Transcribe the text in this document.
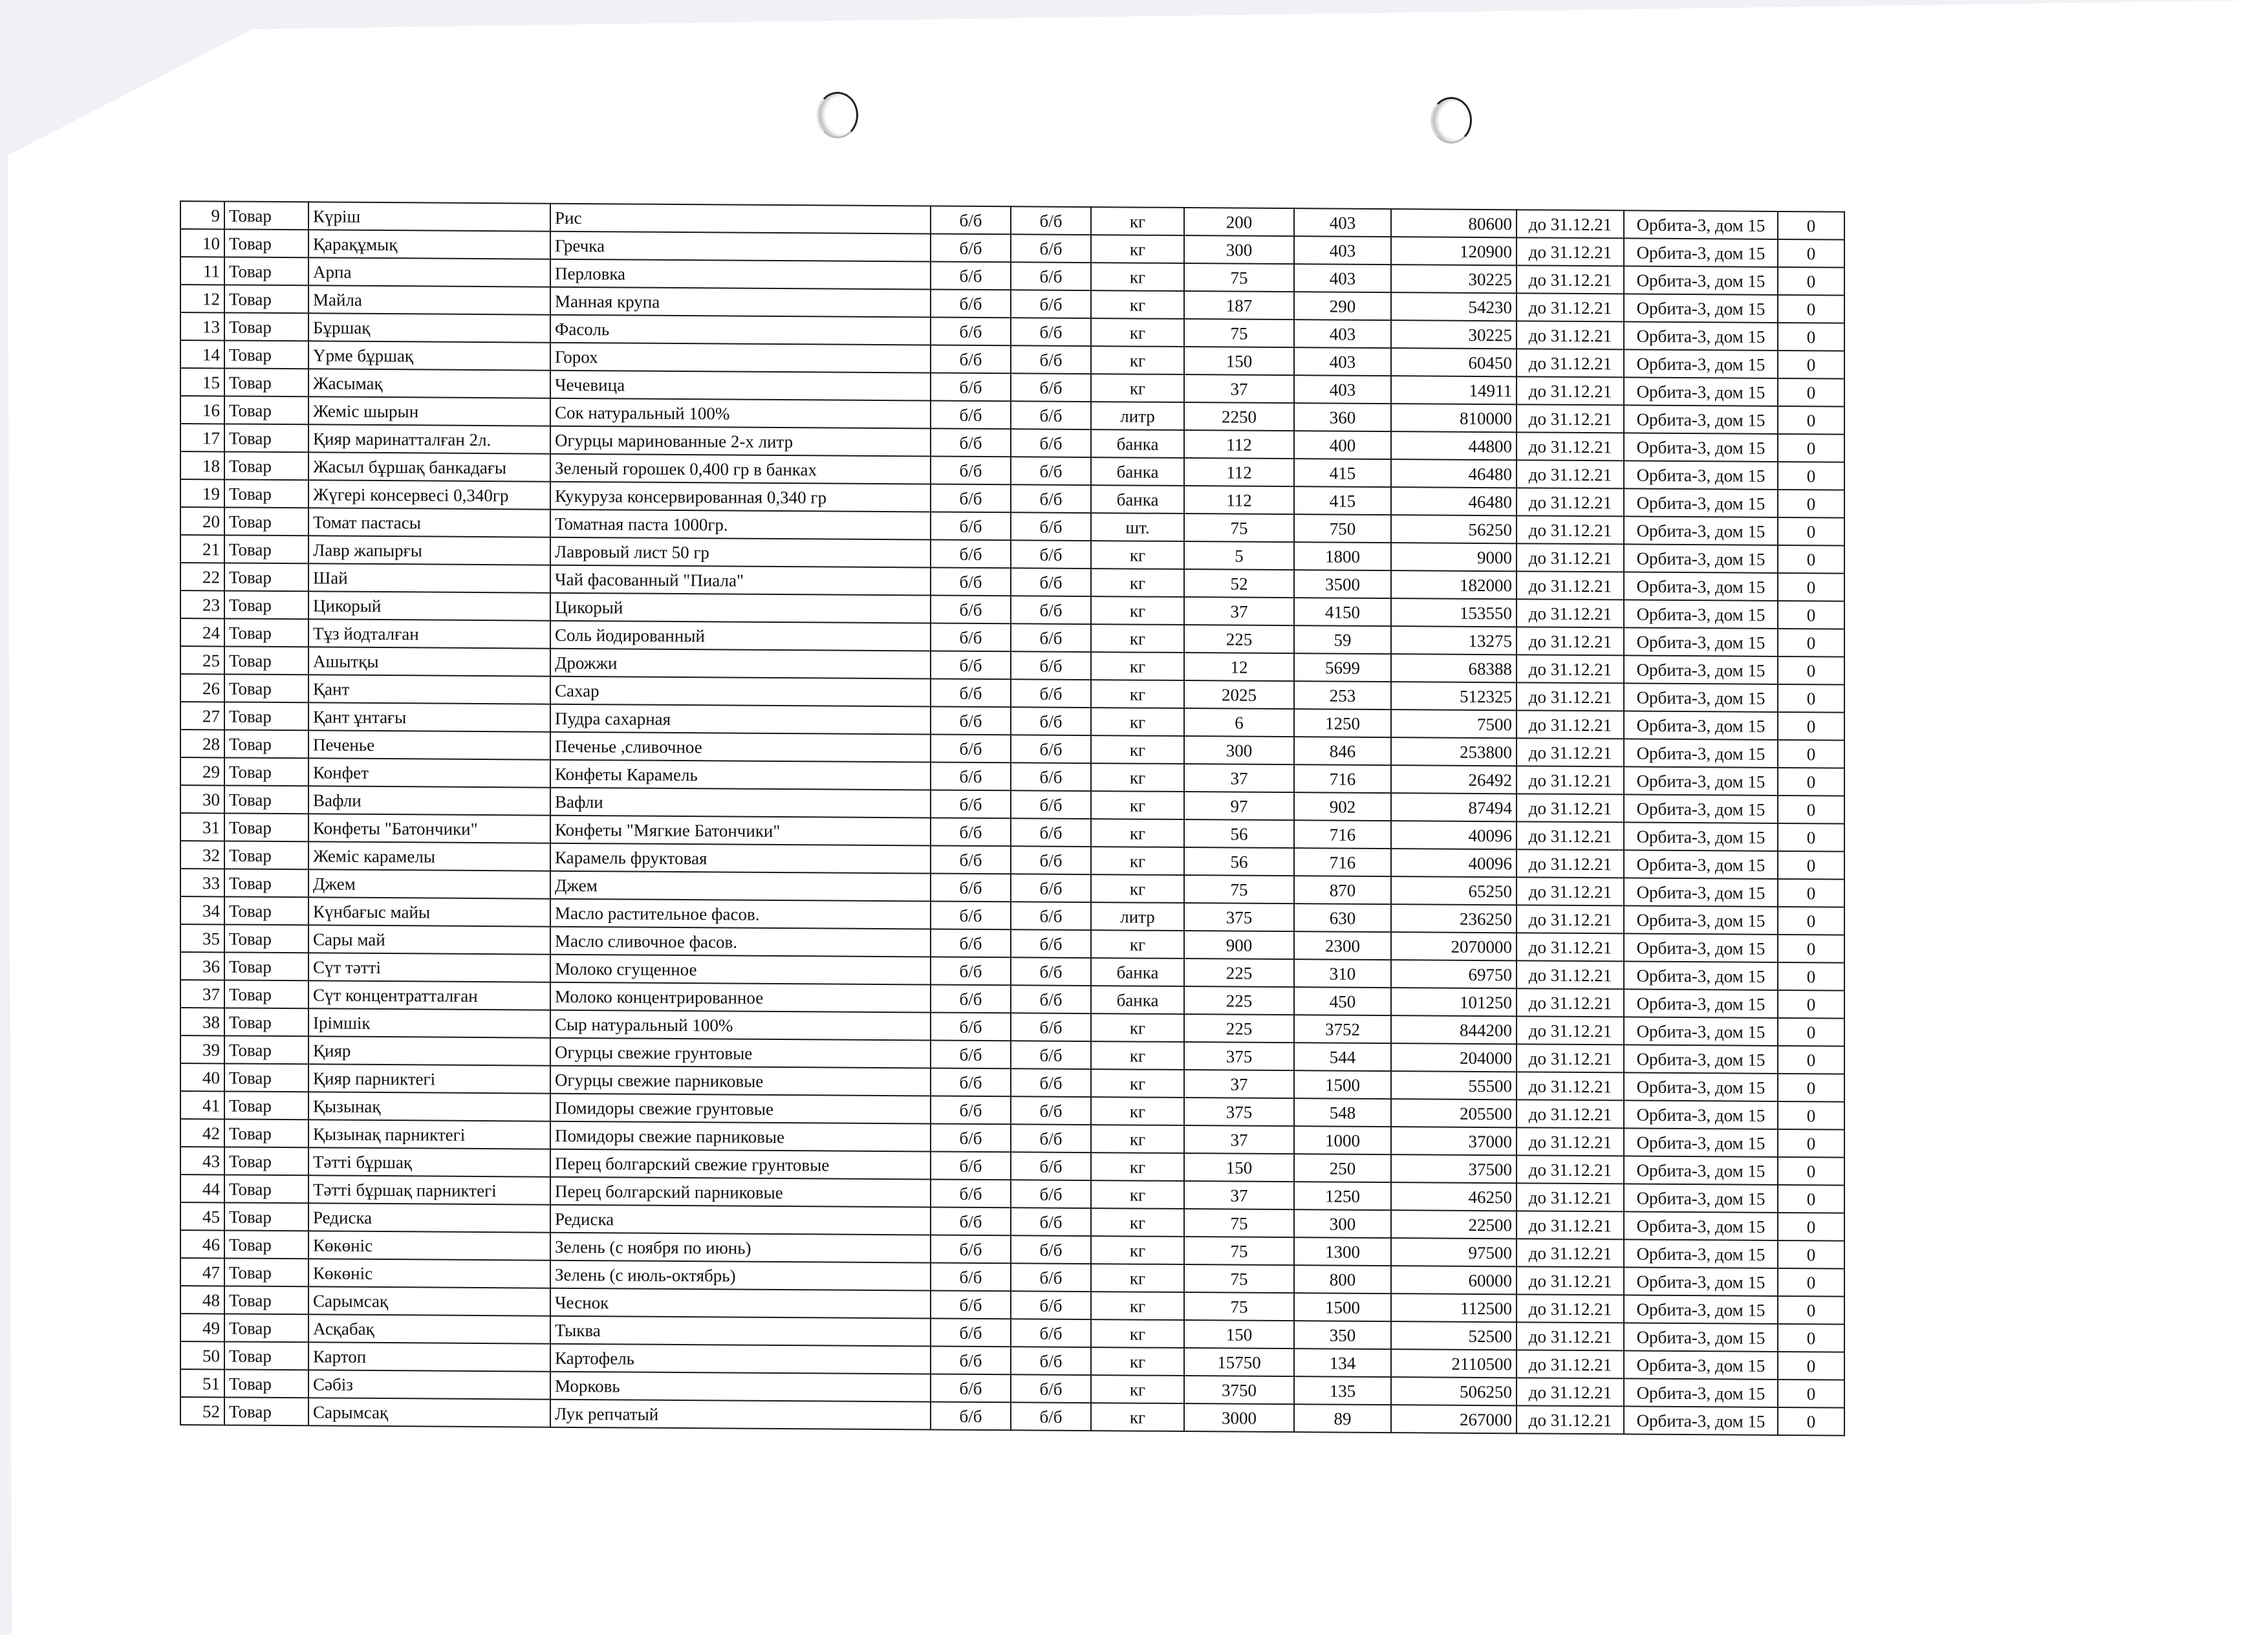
9	Товар	Күріш	Рис	б/б	б/б	кг	200	403	80600	до 31.12.21	Орбита-3, дом 15	0
10	Товар	Қарақұмық	Гречка	б/б	б/б	кг	300	403	120900	до 31.12.21	Орбита-3, дом 15	0
11	Товар	Арпа	Перловка	б/б	б/б	кг	75	403	30225	до 31.12.21	Орбита-3, дом 15	0
12	Товар	Майла	Манная крупа	б/б	б/б	кг	187	290	54230	до 31.12.21	Орбита-3, дом 15	0
13	Товар	Бұршақ	Фасоль	б/б	б/б	кг	75	403	30225	до 31.12.21	Орбита-3, дом 15	0
14	Товар	Үрме бұршақ	Горох	б/б	б/б	кг	150	403	60450	до 31.12.21	Орбита-3, дом 15	0
15	Товар	Жасымақ	Чечевица	б/б	б/б	кг	37	403	14911	до 31.12.21	Орбита-3, дом 15	0
16	Товар	Жеміс шырын	Сок натуральный 100%	б/б	б/б	литр	2250	360	810000	до 31.12.21	Орбита-3, дом 15	0
17	Товар	Қияр маринатталған 2л.	Огурцы маринованные 2-х литр	б/б	б/б	банка	112	400	44800	до 31.12.21	Орбита-3, дом 15	0
18	Товар	Жасыл бұршақ банкадағы	Зеленый горошек 0,400 гр в банках	б/б	б/б	банка	112	415	46480	до 31.12.21	Орбита-3, дом 15	0
19	Товар	Жүгері консервесі 0,340гр	Кукуруза консервированная 0,340 гр	б/б	б/б	банка	112	415	46480	до 31.12.21	Орбита-3, дом 15	0
20	Товар	Томат пастасы	Томатная паста 1000гр.	б/б	б/б	шт.	75	750	56250	до 31.12.21	Орбита-3, дом 15	0
21	Товар	Лавр жапырғы	Лавровый лист 50 гр	б/б	б/б	кг	5	1800	9000	до 31.12.21	Орбита-3, дом 15	0
22	Товар	Шай	Чай фасованный "Пиала"	б/б	б/б	кг	52	3500	182000	до 31.12.21	Орбита-3, дом 15	0
23	Товар	Цикорый	Цикорый	б/б	б/б	кг	37	4150	153550	до 31.12.21	Орбита-3, дом 15	0
24	Товар	Тұз йодталған	Соль йодированный	б/б	б/б	кг	225	59	13275	до 31.12.21	Орбита-3, дом 15	0
25	Товар	Ашытқы	Дрожжи	б/б	б/б	кг	12	5699	68388	до 31.12.21	Орбита-3, дом 15	0
26	Товар	Қант	Сахар	б/б	б/б	кг	2025	253	512325	до 31.12.21	Орбита-3, дом 15	0
27	Товар	Қант ұнтағы	Пудра сахарная	б/б	б/б	кг	6	1250	7500	до 31.12.21	Орбита-3, дом 15	0
28	Товар	Печенье	Печенье ,сливочное	б/б	б/б	кг	300	846	253800	до 31.12.21	Орбита-3, дом 15	0
29	Товар	Конфет	Конфеты Карамель	б/б	б/б	кг	37	716	26492	до 31.12.21	Орбита-3, дом 15	0
30	Товар	Вафли	Вафли	б/б	б/б	кг	97	902	87494	до 31.12.21	Орбита-3, дом 15	0
31	Товар	Конфеты "Батончики"	Конфеты "Мягкие Батончики"	б/б	б/б	кг	56	716	40096	до 31.12.21	Орбита-3, дом 15	0
32	Товар	Жеміс карамелы	Карамель фруктовая	б/б	б/б	кг	56	716	40096	до 31.12.21	Орбита-3, дом 15	0
33	Товар	Джем	Джем	б/б	б/б	кг	75	870	65250	до 31.12.21	Орбита-3, дом 15	0
34	Товар	Күнбағыс майы	Масло растительное фасов.	б/б	б/б	литр	375	630	236250	до 31.12.21	Орбита-3, дом 15	0
35	Товар	Сары май	Масло сливочное фасов.	б/б	б/б	кг	900	2300	2070000	до 31.12.21	Орбита-3, дом 15	0
36	Товар	Сүт тәтті	Молоко сгущенное	б/б	б/б	банка	225	310	69750	до 31.12.21	Орбита-3, дом 15	0
37	Товар	Сүт концентратталған	Молоко концентрированное	б/б	б/б	банка	225	450	101250	до 31.12.21	Орбита-3, дом 15	0
38	Товар	Ірімшік	Сыр натуральный 100%	б/б	б/б	кг	225	3752	844200	до 31.12.21	Орбита-3, дом 15	0
39	Товар	Қияр	Огурцы свежие грунтовые	б/б	б/б	кг	375	544	204000	до 31.12.21	Орбита-3, дом 15	0
40	Товар	Қияр парниктегі	Огурцы свежие парниковые	б/б	б/б	кг	37	1500	55500	до 31.12.21	Орбита-3, дом 15	0
41	Товар	Қызынақ	Помидоры свежие грунтовые	б/б	б/б	кг	375	548	205500	до 31.12.21	Орбита-3, дом 15	0
42	Товар	Қызынақ парниктегі	Помидоры свежие парниковые	б/б	б/б	кг	37	1000	37000	до 31.12.21	Орбита-3, дом 15	0
43	Товар	Тәтті бұршақ	Перец болгарский свежие грунтовые	б/б	б/б	кг	150	250	37500	до 31.12.21	Орбита-3, дом 15	0
44	Товар	Тәтті бұршақ парниктегі	Перец болгарский парниковые	б/б	б/б	кг	37	1250	46250	до 31.12.21	Орбита-3, дом 15	0
45	Товар	Редиска	Редиска	б/б	б/б	кг	75	300	22500	до 31.12.21	Орбита-3, дом 15	0
46	Товар	Көкөніс	Зелень (с ноября по июнь)	б/б	б/б	кг	75	1300	97500	до 31.12.21	Орбита-3, дом 15	0
47	Товар	Көкөніс	Зелень (с июль-октябрь)	б/б	б/б	кг	75	800	60000	до 31.12.21	Орбита-3, дом 15	0
48	Товар	Сарымсақ	Чеснок	б/б	б/б	кг	75	1500	112500	до 31.12.21	Орбита-3, дом 15	0
49	Товар	Асқабақ	Тыква	б/б	б/б	кг	150	350	52500	до 31.12.21	Орбита-3, дом 15	0
50	Товар	Картоп	Картофель	б/б	б/б	кг	15750	134	2110500	до 31.12.21	Орбита-3, дом 15	0
51	Товар	Сәбіз	Морковь	б/б	б/б	кг	3750	135	506250	до 31.12.21	Орбита-3, дом 15	0
52	Товар	Сарымсақ	Лук репчатый	б/б	б/б	кг	3000	89	267000	до 31.12.21	Орбита-3, дом 15	0
